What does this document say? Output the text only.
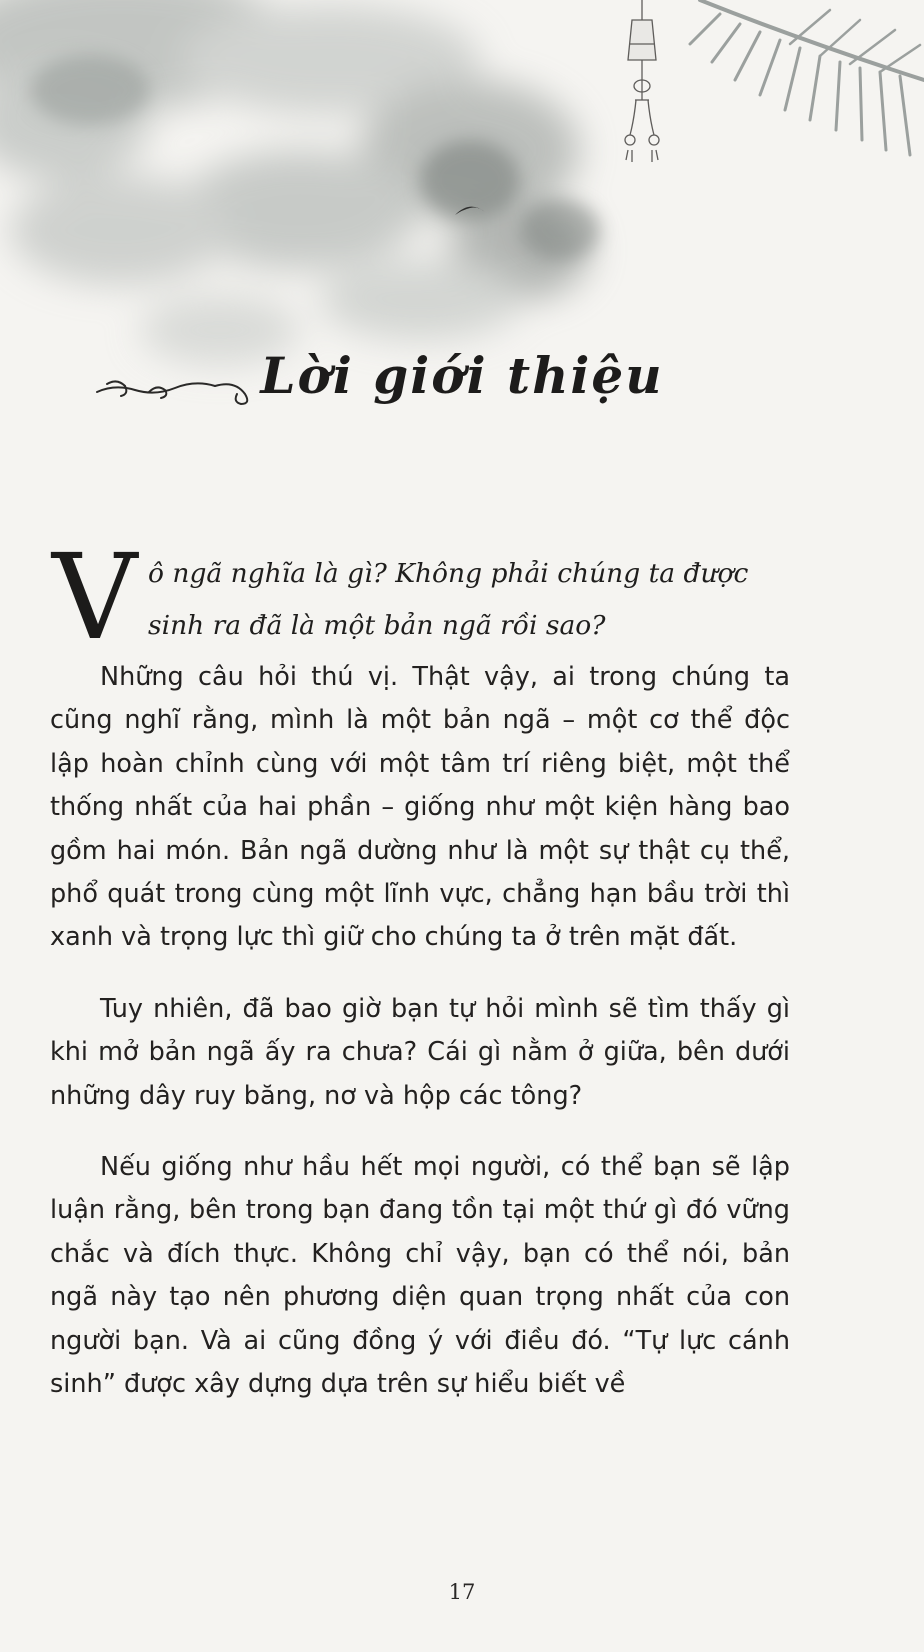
Lời giới thiệu
V ô ngã nghĩa là gì? Không phải chúng ta được sinh ra đã là một bản ngã rồi sao?

Những câu hỏi thú vị. Thật vậy, ai trong chúng ta cũng nghĩ rằng, mình là một bản ngã – một cơ thể độc lập hoàn chỉnh cùng với một tâm trí riêng biệt, một thể thống nhất của hai phần – giống như một kiện hàng bao gồm hai món. Bản ngã dường như là một sự thật cụ thể, phổ quát trong cùng một lĩnh vực, chẳng hạn bầu trời thì xanh và trọng lực thì giữ cho chúng ta ở trên mặt đất.

Tuy nhiên, đã bao giờ bạn tự hỏi mình sẽ tìm thấy gì khi mở bản ngã ấy ra chưa? Cái gì nằm ở giữa, bên dưới những dây ruy băng, nơ và hộp các tông?

Nếu giống như hầu hết mọi người, có thể bạn sẽ lập luận rằng, bên trong bạn đang tồn tại một thứ gì đó vững chắc và đích thực. Không chỉ vậy, bạn có thể nói, bản ngã này tạo nên phương diện quan trọng nhất của con người bạn. Và ai cũng đồng ý với điều đó. “Tự lực cánh sinh” được xây dựng dựa trên sự hiểu biết về

17
